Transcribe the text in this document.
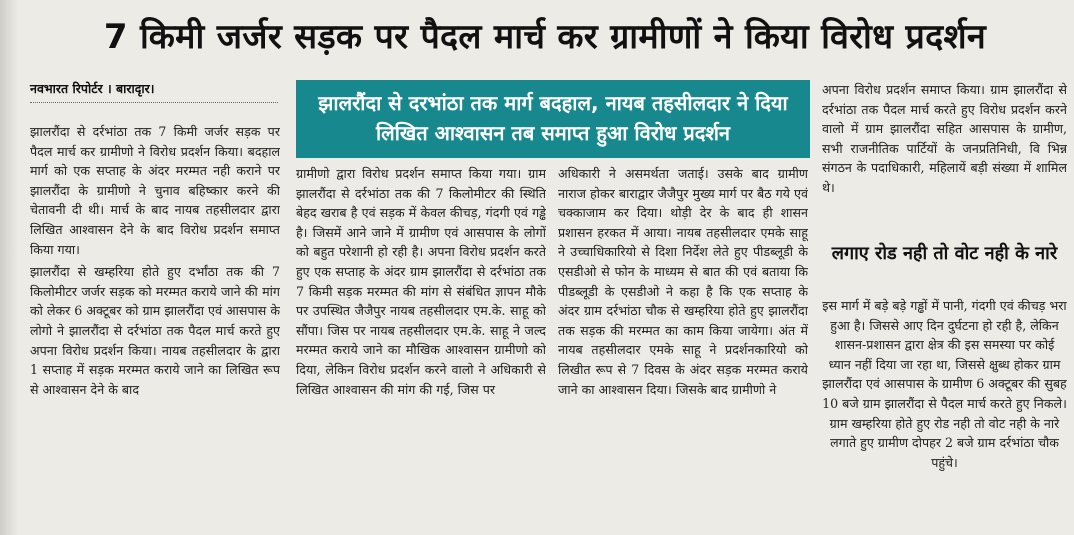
7 किमी जर्जर सड़क पर पैदल मार्च कर ग्रामीणों ने किया विरोध प्रदर्शन
नवभारत रिपोर्टर । बारादृार।
झालरौंदा से दरभांठा तक मार्ग बदहाल, नायब तहसीलदार ने दिया लिखित आश्वासन तब समाप्त हुआ विरोध प्रदर्शन

झालरौंदा से दर्रभांठा तक 7 किमी जर्जर सड़क पर पैदल मार्च कर ग्रामीणो ने विरोध प्रदर्शन किया। बदहाल मार्ग को एक सप्ताह के अंदर मरम्मत नही कराने पर झालरौंदा के ग्रामीणो ने चुनाव बहिष्कार करने की चेतावनी दी थी। मार्च के बाद नायब तहसीलदार द्वारा लिखित आश्वासन देने के बाद विरोध प्रदर्शन समाप्त किया गया।

झालरौंदा से खम्हरिया होते हुए दर्भांठा तक की 7 किलोमीटर जर्जर सड़क को मरम्मत कराये जाने की मांग को लेकर 6 अक्टूबर को ग्राम झालरौंदा एवं आसपास के लोगो ने झालरौंदा से दर्रभांठा तक पैदल मार्च करते हुए अपना विरोध प्रदर्शन किया। नायब तहसीलदार के द्वारा 1 सप्ताह में सड़क मरम्मत कराये जाने का लिखित रूप से आश्वासन देने के बाद

ग्रामीणो द्वारा विरोध प्रदर्शन समाप्त किया गया। ग्राम झालरौंदा से दर्रभांठा तक की 7 किलोमीटर की स्थिति बेहद खराब है एवं सड़क में केवल कीचड़, गंदगी एवं गड्ढे है। जिसमें आने जाने में ग्रामीण एवं आसपास के लोगों को बहुत परेशानी हो रही है। अपना विरोध प्रदर्शन करते हुए एक सप्ताह के अंदर ग्राम झालरौंदा से दर्रभांठा तक 7 किमी सड़क मरम्मत की मांग से संबंधित ज्ञापन मौके पर उपस्थित जैजैपुर नायब तहसीलदार एम.के. साहू को सौंपा। जिस पर नायब तहसीलदार एम.के. साहू ने जल्द मरम्मत कराये जाने का मौखिक आश्वासन ग्रामीणो को दिया, लेकिन विरोध प्रदर्शन करने वालो ने अधिकारी से लिखित आश्वासन की मांग की गई, जिस पर

अधिकारी ने असमर्थता जताई। उसके बाद ग्रामीण नाराज होकर बाराद्वार जैजैपुर मुख्य मार्ग पर बैठ गये एवं चक्काजाम कर दिया। थोड़ी देर के बाद ही शासन प्रशासन हरकत में आया। नायब तहसीलदार एमके साहू ने उच्चाधिकारियो से दिशा निर्देश लेते हुए पीडब्लूडी के एसडीओ से फोन के माध्यम से बात की एवं बताया कि पीडब्लूडी के एसडीओ ने कहा है कि एक सप्ताह के अंदर ग्राम दर्रभांठा चौक से खम्हरिया होते हुए झालरौंदा तक सड़क की मरम्मत का काम किया जायेगा। अंत में नायब तहसीलदार एमके साहू ने प्रदर्शनकारियो को लिखीत रूप से 7 दिवस के अंदर सड़क मरम्मत कराये जाने का आश्वासन दिया। जिसके बाद ग्रामीणो ने

अपना विरोध प्रदर्शन समाप्त किया। ग्राम झालरौंदा से दर्रभांठा तक पैदल मार्च करते हुए विरोध प्रदर्शन करने वालो में ग्राम झालरौंदा सहित आसपास के ग्रामीण, सभी राजनीतिक पार्टियों के जनप्रतिनिधी, वि भिन्न संगठन के पदाधिकारी, महिलायें बड़ी संख्या में शामिल थे।

लगाए रोड नही तो वोट नही के नारे

इस मार्ग में बड़े बड़े गड्ढों में पानी, गंदगी एवं कीचड़ भरा हुआ है। जिससे आए दिन दुर्घटना हो रही है, लेकिन शासन-प्रशासन द्वारा क्षेत्र की इस समस्या पर कोई ध्यान नहीं दिया जा रहा था, जिससे क्षुब्ध होकर ग्राम झालरौंदा एवं आसपास के ग्रामीण 6 अक्टूबर की सुबह 10 बजे ग्राम झालरौंदा से पैदल मार्च करते हुए निकले। ग्राम खम्हरिया होते हुए रोड नही तो वोट नही के नारे लगाते हुए ग्रामीण दोपहर 2 बजे ग्राम दर्रभांठा चौक पहुंचे।
